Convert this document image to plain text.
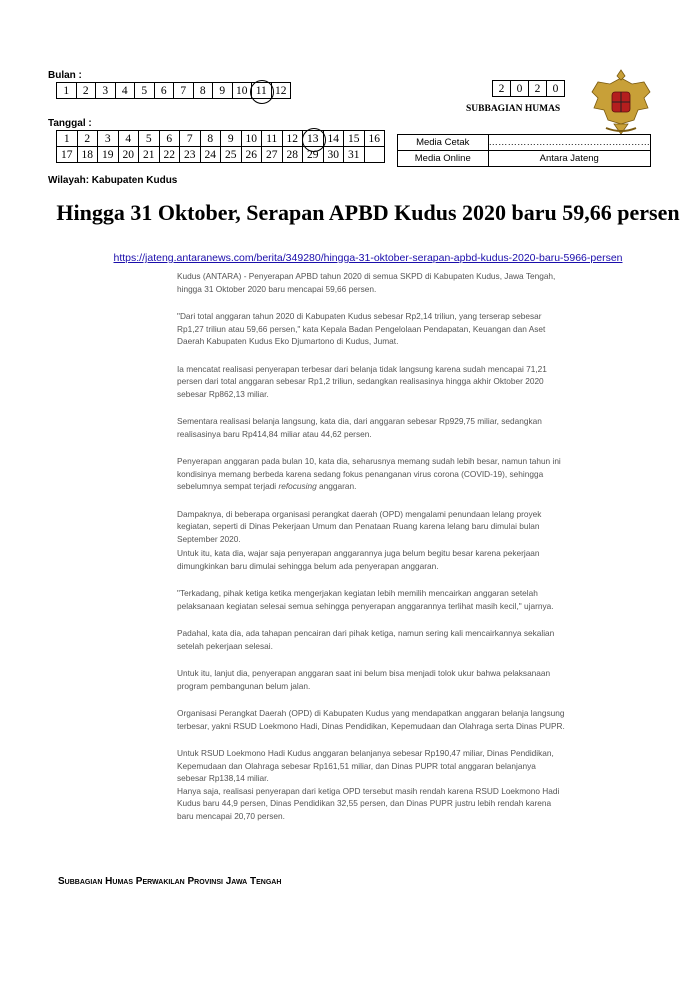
Bulan :
1	2	3	4	5	6	7	8	9	10	11	12
Tanggal :
1	2	3	4	5	6	7	8	9	10	11	12	13	14	15	16
17	18	19	20	21	22	23	24	25	26	27	28	29	30	31	
2	0	2	0
SUBBAGIAN HUMAS
Media Cetak	……………………………………………
Media Online	Antara Jateng
Wilayah: Kabupaten Kudus
Hingga 31 Oktober, Serapan APBD Kudus 2020 baru 59,66 persen
https://jateng.antaranews.com/berita/349280/hingga-31-oktober-serapan-apbd-kudus-2020-baru-5966-persen

Kudus (ANTARA) - Penyerapan APBD tahun 2020 di semua SKPD di Kabupaten Kudus, Jawa Tengah, hingga 31 Oktober 2020 baru mencapai 59,66 persen.

"Dari total anggaran tahun 2020 di Kabupaten Kudus sebesar Rp2,14 triliun, yang terserap sebesar Rp1,27 triliun atau 59,66 persen," kata Kepala Badan Pengelolaan Pendapatan, Keuangan dan Aset Daerah Kabupaten Kudus Eko Djumartono di Kudus, Jumat.

Ia mencatat realisasi penyerapan terbesar dari belanja tidak langsung karena sudah mencapai 71,21 persen dari total anggaran sebesar Rp1,2 triliun, sedangkan realisasinya hingga akhir Oktober 2020 sebesar Rp862,13 miliar.

Sementara realisasi belanja langsung, kata dia, dari anggaran sebesar Rp929,75 miliar, sedangkan realisasinya baru Rp414,84 miliar atau 44,62 persen.

Penyerapan anggaran pada bulan 10, kata dia, seharusnya memang sudah lebih besar, namun tahun ini kondisinya memang berbeda karena sedang fokus penanganan virus corona (COVID-19), sehingga sebelumnya sempat terjadi refocusing anggaran.

Dampaknya, di beberapa organisasi perangkat daerah (OPD) mengalami penundaan lelang proyek kegiatan, seperti di Dinas Pekerjaan Umum dan Penataan Ruang karena lelang baru dimulai bulan September 2020.

Untuk itu, kata dia, wajar saja penyerapan anggarannya juga belum begitu besar karena pekerjaan dimungkinkan baru dimulai sehingga belum ada penyerapan anggaran.

"Terkadang, pihak ketiga ketika mengerjakan kegiatan lebih memilih mencairkan anggaran setelah pelaksanaan kegiatan selesai semua sehingga penyerapan anggarannya terlihat masih kecil," ujarnya.

Padahal, kata dia, ada tahapan pencairan dari pihak ketiga, namun sering kali mencairkannya sekalian setelah pekerjaan selesai.

Untuk itu, lanjut dia, penyerapan anggaran saat ini belum bisa menjadi tolok ukur bahwa pelaksanaan program pembangunan belum jalan.

Organisasi Perangkat Daerah (OPD) di Kabupaten Kudus yang mendapatkan anggaran belanja langsung terbesar, yakni RSUD Loekmono Hadi, Dinas Pendidikan, Kepemudaan dan Olahraga serta Dinas PUPR.

Untuk RSUD Loekmono Hadi Kudus anggaran belanjanya sebesar Rp190,47 miliar, Dinas Pendidikan, Kepemudaan dan Olahraga sebesar Rp161,51 miliar, dan Dinas PUPR total anggaran belanjanya sebesar Rp138,14 miliar.

Hanya saja, realisasi penyerapan dari ketiga OPD tersebut masih rendah karena RSUD Loekmono Hadi Kudus baru 44,9 persen, Dinas Pendidikan 32,55 persen, dan Dinas PUPR justru lebih rendah karena baru mencapai 20,70 persen.

Subbagian Humas Perwakilan Provinsi Jawa Tengah
